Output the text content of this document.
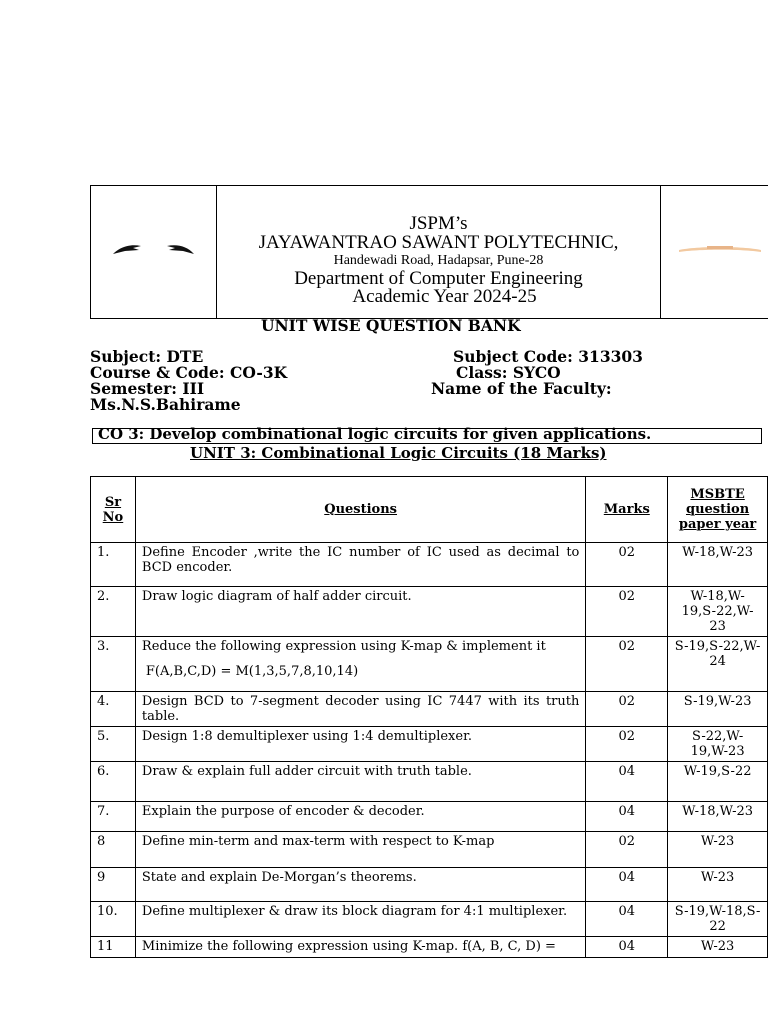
JSPM’s
JAYAWANTRAO SAWANT POLYTECHNIC,
Handewadi Road, Hadapsar, Pune-28
Department of Computer Engineering
Academic Year 2024-25
UNIT WISE QUESTION BANK
Subject: DTE	Subject Code: 313303
Course & Code: CO-3K	Class: SYCO
Semester: III	Name of the Faculty:
Ms.N.S.Bahirame
CO 3: Develop combinational logic circuits for given applications.
UNIT 3: Combinational Logic Circuits (18 Marks)
Sr No	Questions	Marks	MSBTE question paper year
1.	Define Encoder ,write the IC number of IC used as decimal to BCD encoder.	02	W-18,W-23
2.	Draw logic diagram of half adder circuit.	02	W-18,W-19,S-22,W-23
3.	Reduce the following expression using K-map & implement it
F(A,B,C,D) = M(1,3,5,7,8,10,14)	02	S-19,S-22,W-24
4.	Design BCD to 7-segment decoder using IC 7447 with its truth table.	02	S-19,W-23
5.	Design 1:8 demultiplexer using 1:4 demultiplexer.	02	S-22,W-19,W-23
6.	Draw & explain full adder circuit with truth table.	04	W-19,S-22
7.	Explain the purpose of encoder & decoder.	04	W-18,W-23
8	Define min-term and max-term with respect to K-map	02	W-23
9	State and explain De-Morgan’s theorems.	04	W-23
10.	Define multiplexer & draw its block diagram for 4:1 multiplexer.	04	S-19,W-18,S-22
11	Minimize the following expression using K-map. f(A, B, C, D) =	04	W-23
